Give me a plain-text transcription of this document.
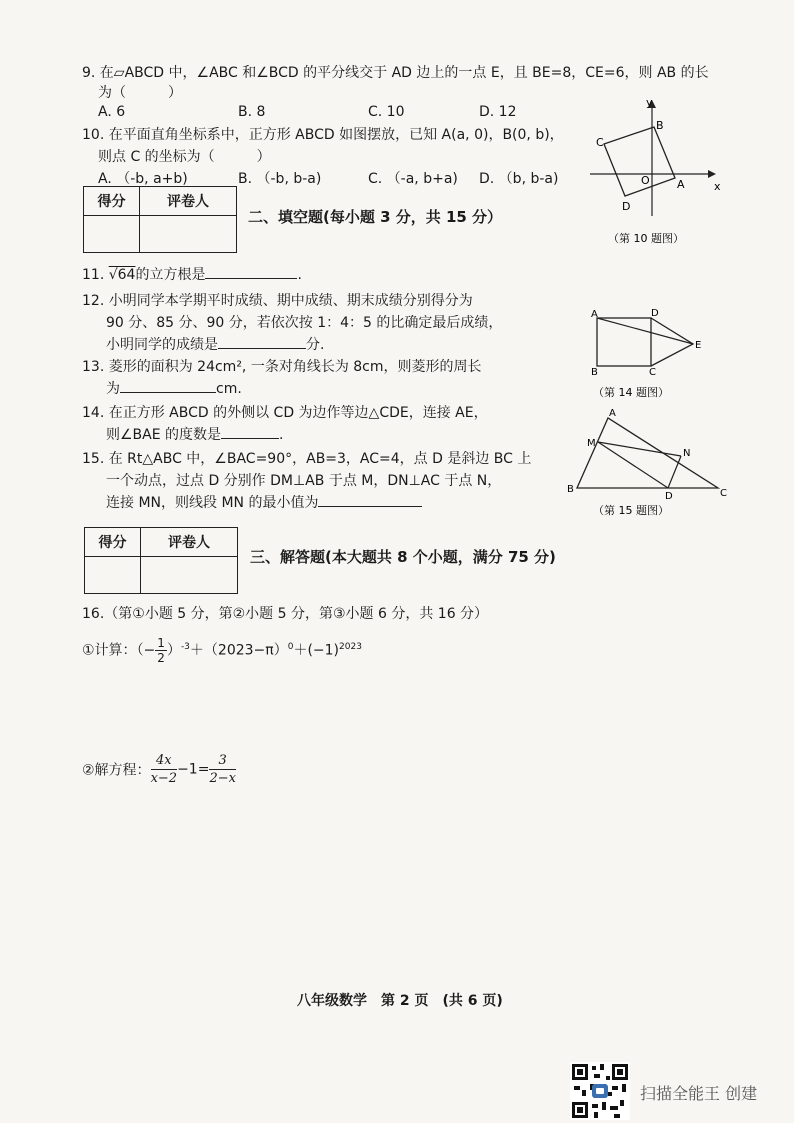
9. 在▱ABCD 中，∠ABC 和∠BCD 的平分线交于 AD 边上的一点 E，且 BE=8，CE=6，则 AB 的长
为（　　　）
A. 6	B. 8	C. 10	D. 12
10. 在平面直角坐标系中，正方形 ABCD 如图摆放，已知 A(a, 0)，B(0, b)，
则点 C 的坐标为（　　　）
A. （-b, a+b)	B. （-b, b-a)	C. （-a, b+a) D. （b, b-a)
y
x
B
C
O A
D
（第 10 题图）
得分	评卷人

二、填空题(每小题 3 分，共 15 分）
11. √64的立方根是	.
12. 小明同学本学期平时成绩、期中成绩、期末成绩分别得分为
90 分、85 分、90 分，若依次按 1：4：5 的比确定最后成绩，
小明同学的成绩是	分.
13. 菱形的面积为 24cm², 一条对角线长为 8cm，则菱形的周长
为	cm.
14. 在正方形 ABCD 的外侧以 CD 为边作等边△CDE，连接 AE，
则∠BAE 的度数是	.
A	D
E
B	C
（第 14 题图）
15. 在 Rt△ABC 中，∠BAC=90°，AB=3，AC=4，点 D 是斜边 BC 上
一个动点，过点 D 分别作 DM⊥AB 于点 M，DN⊥AC 于点 N，
连接 MN，则线段 MN 的最小值为
A
M
N
B
D	C
（第 15 题图）
得分	评卷人

三、解答题(本大题共 8 个小题，满分 75 分)
16.（第①小题 5 分，第②小题 5 分，第③小题 6 分，共 16 分）
①计算：（− $\frac{1}{2} )^{-3}+(2023-\pi)^0+(-1)^{2023}$
②解方程： $\frac{4x}{x-2} -1= \frac{3}{2-x}$
八年级数学　第 2 页　(共 6 页)
扫描全能王 创建
